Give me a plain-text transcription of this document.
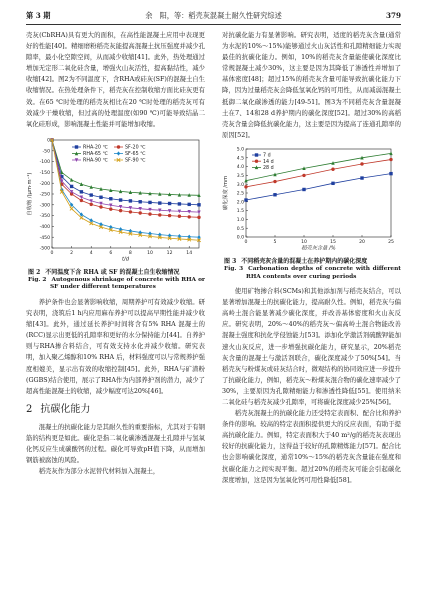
第 3 期	余　阳，等：稻壳灰混凝土耐久性研究综述	379

壳灰(CbRHA)具有更大的面积，在高性能混凝土应用中表现更好的性能[40]。精细磨粉稻壳灰能提高混凝土抗压强度并减少孔隙率，最小化空隙空间，从而减少收缩[41]。此外，热处理通过增加无定形二氧化硅含量，增强火山灰活性，提高黏结性，减少收缩[42]。图2为不同温度下，含RHA或硅灰(SF)的混凝土自生收缩情况。在热处理条件下，稻壳灰在控制收缩方面比硅灰更有效。在65 ℃时处理的稻壳灰相比在20 ℃时处理的稻壳灰可有效减少干燥收缩，但过高的处理温度(如90 ℃)可能导致结晶二氧化硅形成，影响混凝土性能并可能增加收缩。

0	2	4	6	8	10	12	14
0
-50
-100
-150
-200
-250
-300
-350
-400
-450
-500
t/d
自收缩 /(μm·m⁻¹)
RHA-20 ℃	SF-20 ℃
RHA-65 ℃	SF-65 ℃
RHA-90 ℃	SF-90 ℃
图 2 不同温度下含 RHA 或 SF 的混凝土自生收缩情况
Fig. 2 Autogenous shrinkage of concrete with RHA or SF under different temperatures

养护条件也会显著影响收缩，周期养护可有效减少收缩。研究表明，浇筑后1 h内应用麻布养护可以提高早期性能并减少收缩[43]。此外，通过延长养护时间将含有5% RHA 混凝土的(RCC)显示出更低的孔隙率和更好的水分保持能力[44]。自养护则与RHA掺合料结合，可有效支持水化并减少收缩。研究表明，加入聚乙烯醇和10% RHA 后，材料强度可以与常规养护强度相媲美，显示出有效的收缩控制[45]。此外，RHA与矿渣粉(GGBS)结合使用，展示了RHA作为内部养护剂的潜力，减少了超高性能混凝土的收缩，减少幅度可达20%[46]。

2 抗碳化能力

混凝土的抗碳化能力是其耐久性的重要指标，尤其对于有钢筋的结构更是如此。碳化是指二氧化碳渗透混凝土孔隙并与氢氧化钙反应生成碳酸钙的过程。碳化可导致pH值下降，从而增加钢筋被腐蚀的风险。

稻壳灰作为部分水泥替代材料加入混凝土，

对抗碳化能力有显著影响。研究表明，适度的稻壳灰含量(通常为水泥的10%～15%)能够通过火山灰活性和孔隙精细能力实现最佳的抗碳化能力。例如，10%的稻壳灰含量能使碳化深度比常规混凝土减少30%，这主要是因为其降低了渗透性并增加了基体密度[48]；超过15%的稻壳灰含量可能导致抗碳化能力下降，因为过量稻壳灰会降低氢氧化钙的可用性，从而减弱混凝土抵御二氧化碳渗透的能力[49-51]。图3为不同稻壳灰含量混凝土在7、14和28 d养护期内的碳化深度[52]。超过30%的高稻壳灰含量会降低抗碳化能力，这主要是因为提高了连通孔隙率的原因[52]。

0	5	10	15	20	25
0.0
0.5
1.0
1.5
2.0
2.5
3.0
3.5
4.0
4.5
5.0
稻壳灰含量 /%
碳化深度 /mm
7 d
14 d
28 d
图 3 不同稻壳灰含量的混凝土在养护期内的碳化深度
Fig. 3 Carbonation depths of concrete with different RHA contents over curing periods

使用矿物掺合料(SCMs)和其他添加剂与稻壳灰结合，可以显著增加混凝土的抗碳化能力，提高耐久性。例如，稻壳灰与偏高岭土混合能显著减少碳化深度，并改善基体密度和火山灰反应。研究表明，20%～40%的稻壳灰～偏高岭土混合物能改善混凝土强度和抗化学侵蚀能力[53]。添加化学激活剂硫酸钾能加速火山灰反应，进一步增强抗碳化能力，研究显示，20%稻壳灰含量的混凝土与激活剂联合，碳化深度减少了50%[54]。当稻壳灰与粉煤灰或硅灰结合时，微观结构的协同效应进一步提升了抗碳化能力，例如，稻壳灰～粉煤灰混合物的碳化速率减少了30%，主要原因为孔隙精细能力和渗透性降低[55]。使用纳米二氧化硅与稻壳灰减少孔隙率，可将碳化深度减少25%[56]。

稻壳灰混凝土的抗碳化能力还受特定表面积、配合比和养护条件的影响。较高的特定表面积提供更大的反应表面，有助于提高抗碳化能力。例如，特定表面积大于40 m²/g的稻壳灰表现出较好的抗碳化能力，这得益于较好的孔隙精炼能力[57]。配合比也会影响碳化深度，通常10%～15%的稻壳灰含量能在强度和抗碳化能力之间实现平衡。超过20%的稻壳灰可能会引起碳化深度增加，这是因为氢氧化钙可用性降低[58]。
